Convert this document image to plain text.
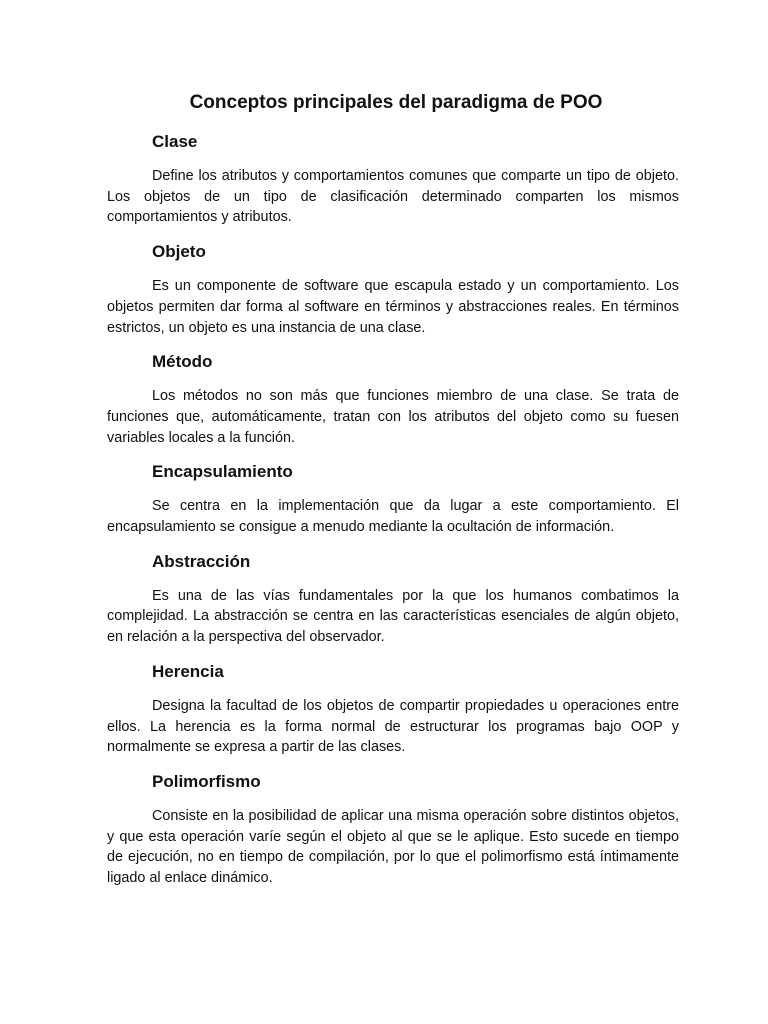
Conceptos principales del paradigma de POO
Clase

Define los atributos y comportamientos comunes que comparte un tipo de objeto. Los objetos de un tipo de clasificación determinado comparten los mismos comportamientos y atributos.

Objeto

Es un componente de software que escapula estado y un comportamiento. Los objetos permiten dar forma al software en términos y abstracciones reales. En términos estrictos, un objeto es una instancia de una clase.

Método

Los métodos no son más que funciones miembro de una clase. Se trata de funciones que, automáticamente, tratan con los atributos del objeto como su fuesen variables locales a la función.

Encapsulamiento

Se centra en la implementación que da lugar a este comportamiento. El encapsulamiento se consigue a menudo mediante la ocultación de información.

Abstracción

Es una de las vías fundamentales por la que los humanos combatimos la complejidad. La abstracción se centra en las características esenciales de algún objeto, en relación a la perspectiva del observador.

Herencia

Designa la facultad de los objetos de compartir propiedades u operaciones entre ellos. La herencia es la forma normal de estructurar los programas bajo OOP y normalmente se expresa a partir de las clases.

Polimorfismo

Consiste en la posibilidad de aplicar una misma operación sobre distintos objetos, y que esta operación varíe según el objeto al que se le aplique. Esto sucede en tiempo de ejecución, no en tiempo de compilación, por lo que el polimorfismo está íntimamente ligado al enlace dinámico.
